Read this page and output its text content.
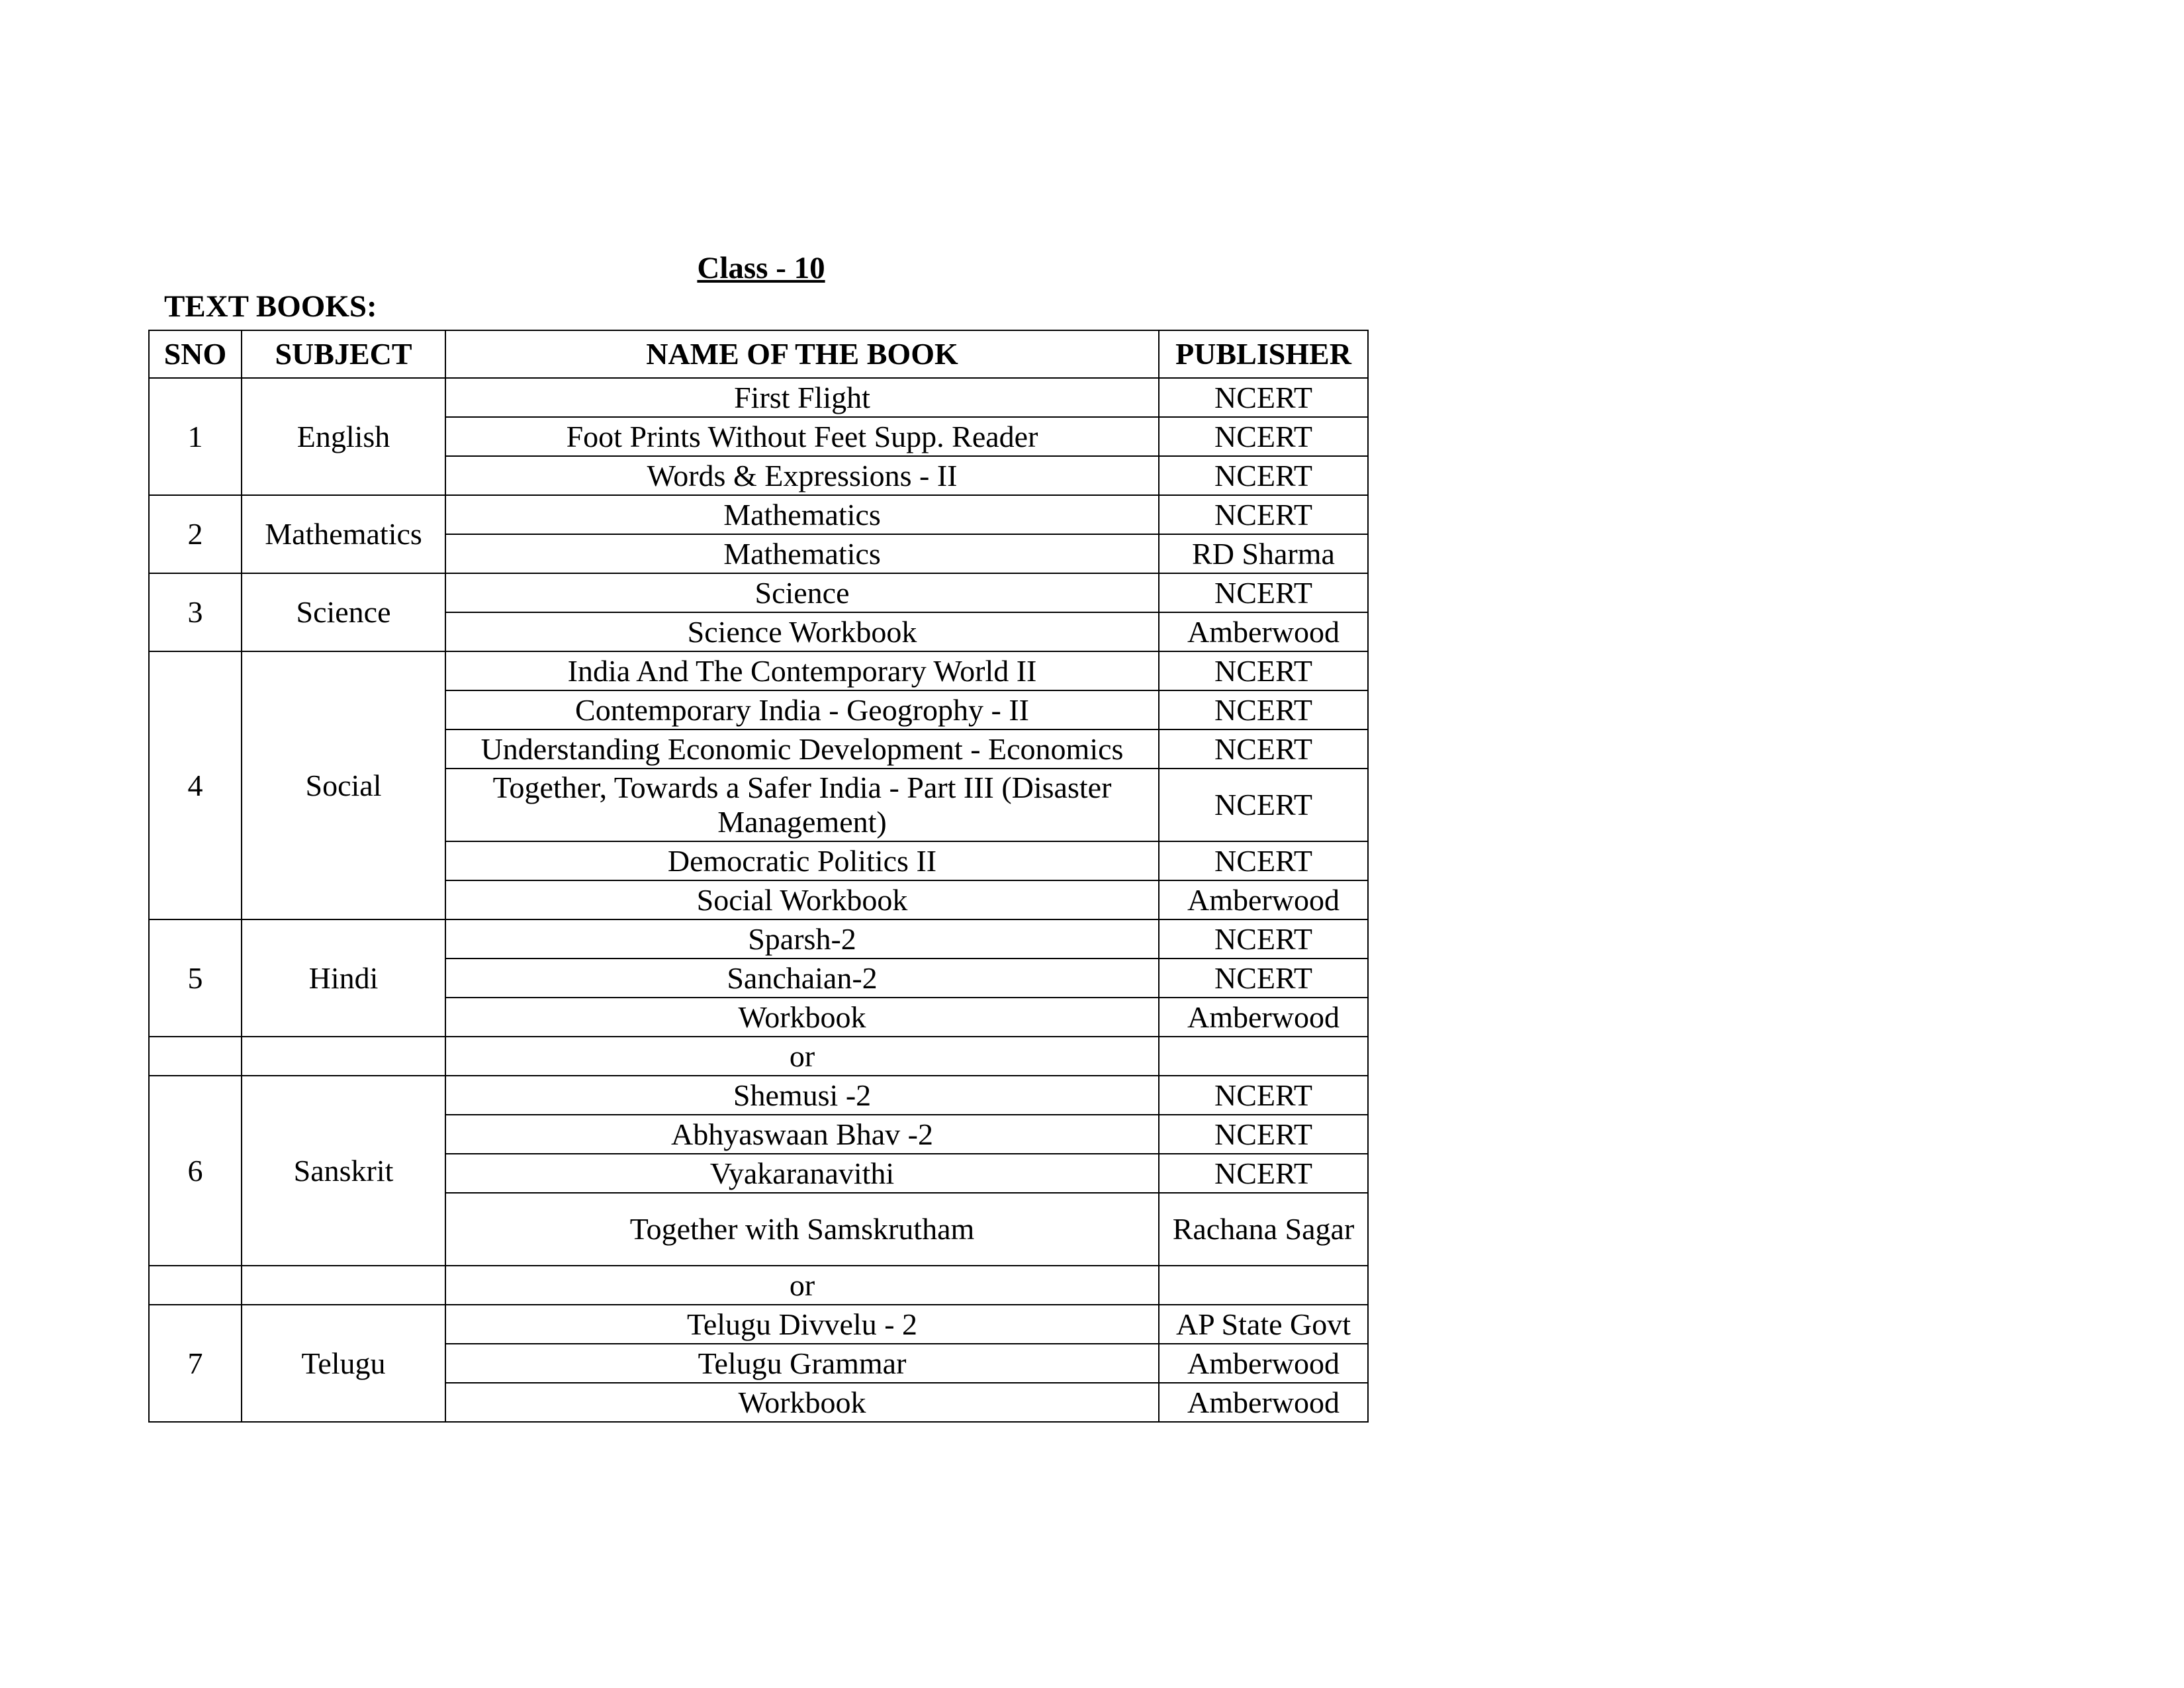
Class - 10
TEXT BOOKS:
SNO	SUBJECT	NAME OF THE BOOK	PUBLISHER
1	English	First Flight	NCERT
		Foot Prints Without Feet Supp. Reader	NCERT
		Words & Expressions - II	NCERT
2	Mathematics	Mathematics	NCERT
		Mathematics	RD Sharma
3	Science	Science	NCERT
		Science Workbook	Amberwood
4	Social	India And The Contemporary World II	NCERT
		Contemporary India - Geogrophy - II	NCERT
		Understanding Economic Development - Economics	NCERT
		Together, Towards a Safer India - Part III (Disaster Management)	NCERT
		Democratic Politics II	NCERT
		Social Workbook	Amberwood
5	Hindi	Sparsh-2	NCERT
		Sanchaian-2	NCERT
		Workbook	Amberwood
		or	
6	Sanskrit	Shemusi -2	NCERT
		Abhyaswaan Bhav -2	NCERT
		Vyakaranavithi	NCERT
		Together with Samskrutham	Rachana Sagar
		or	
7	Telugu	Telugu Divvelu - 2	AP State Govt
		Telugu Grammar	Amberwood
		Workbook	Amberwood
